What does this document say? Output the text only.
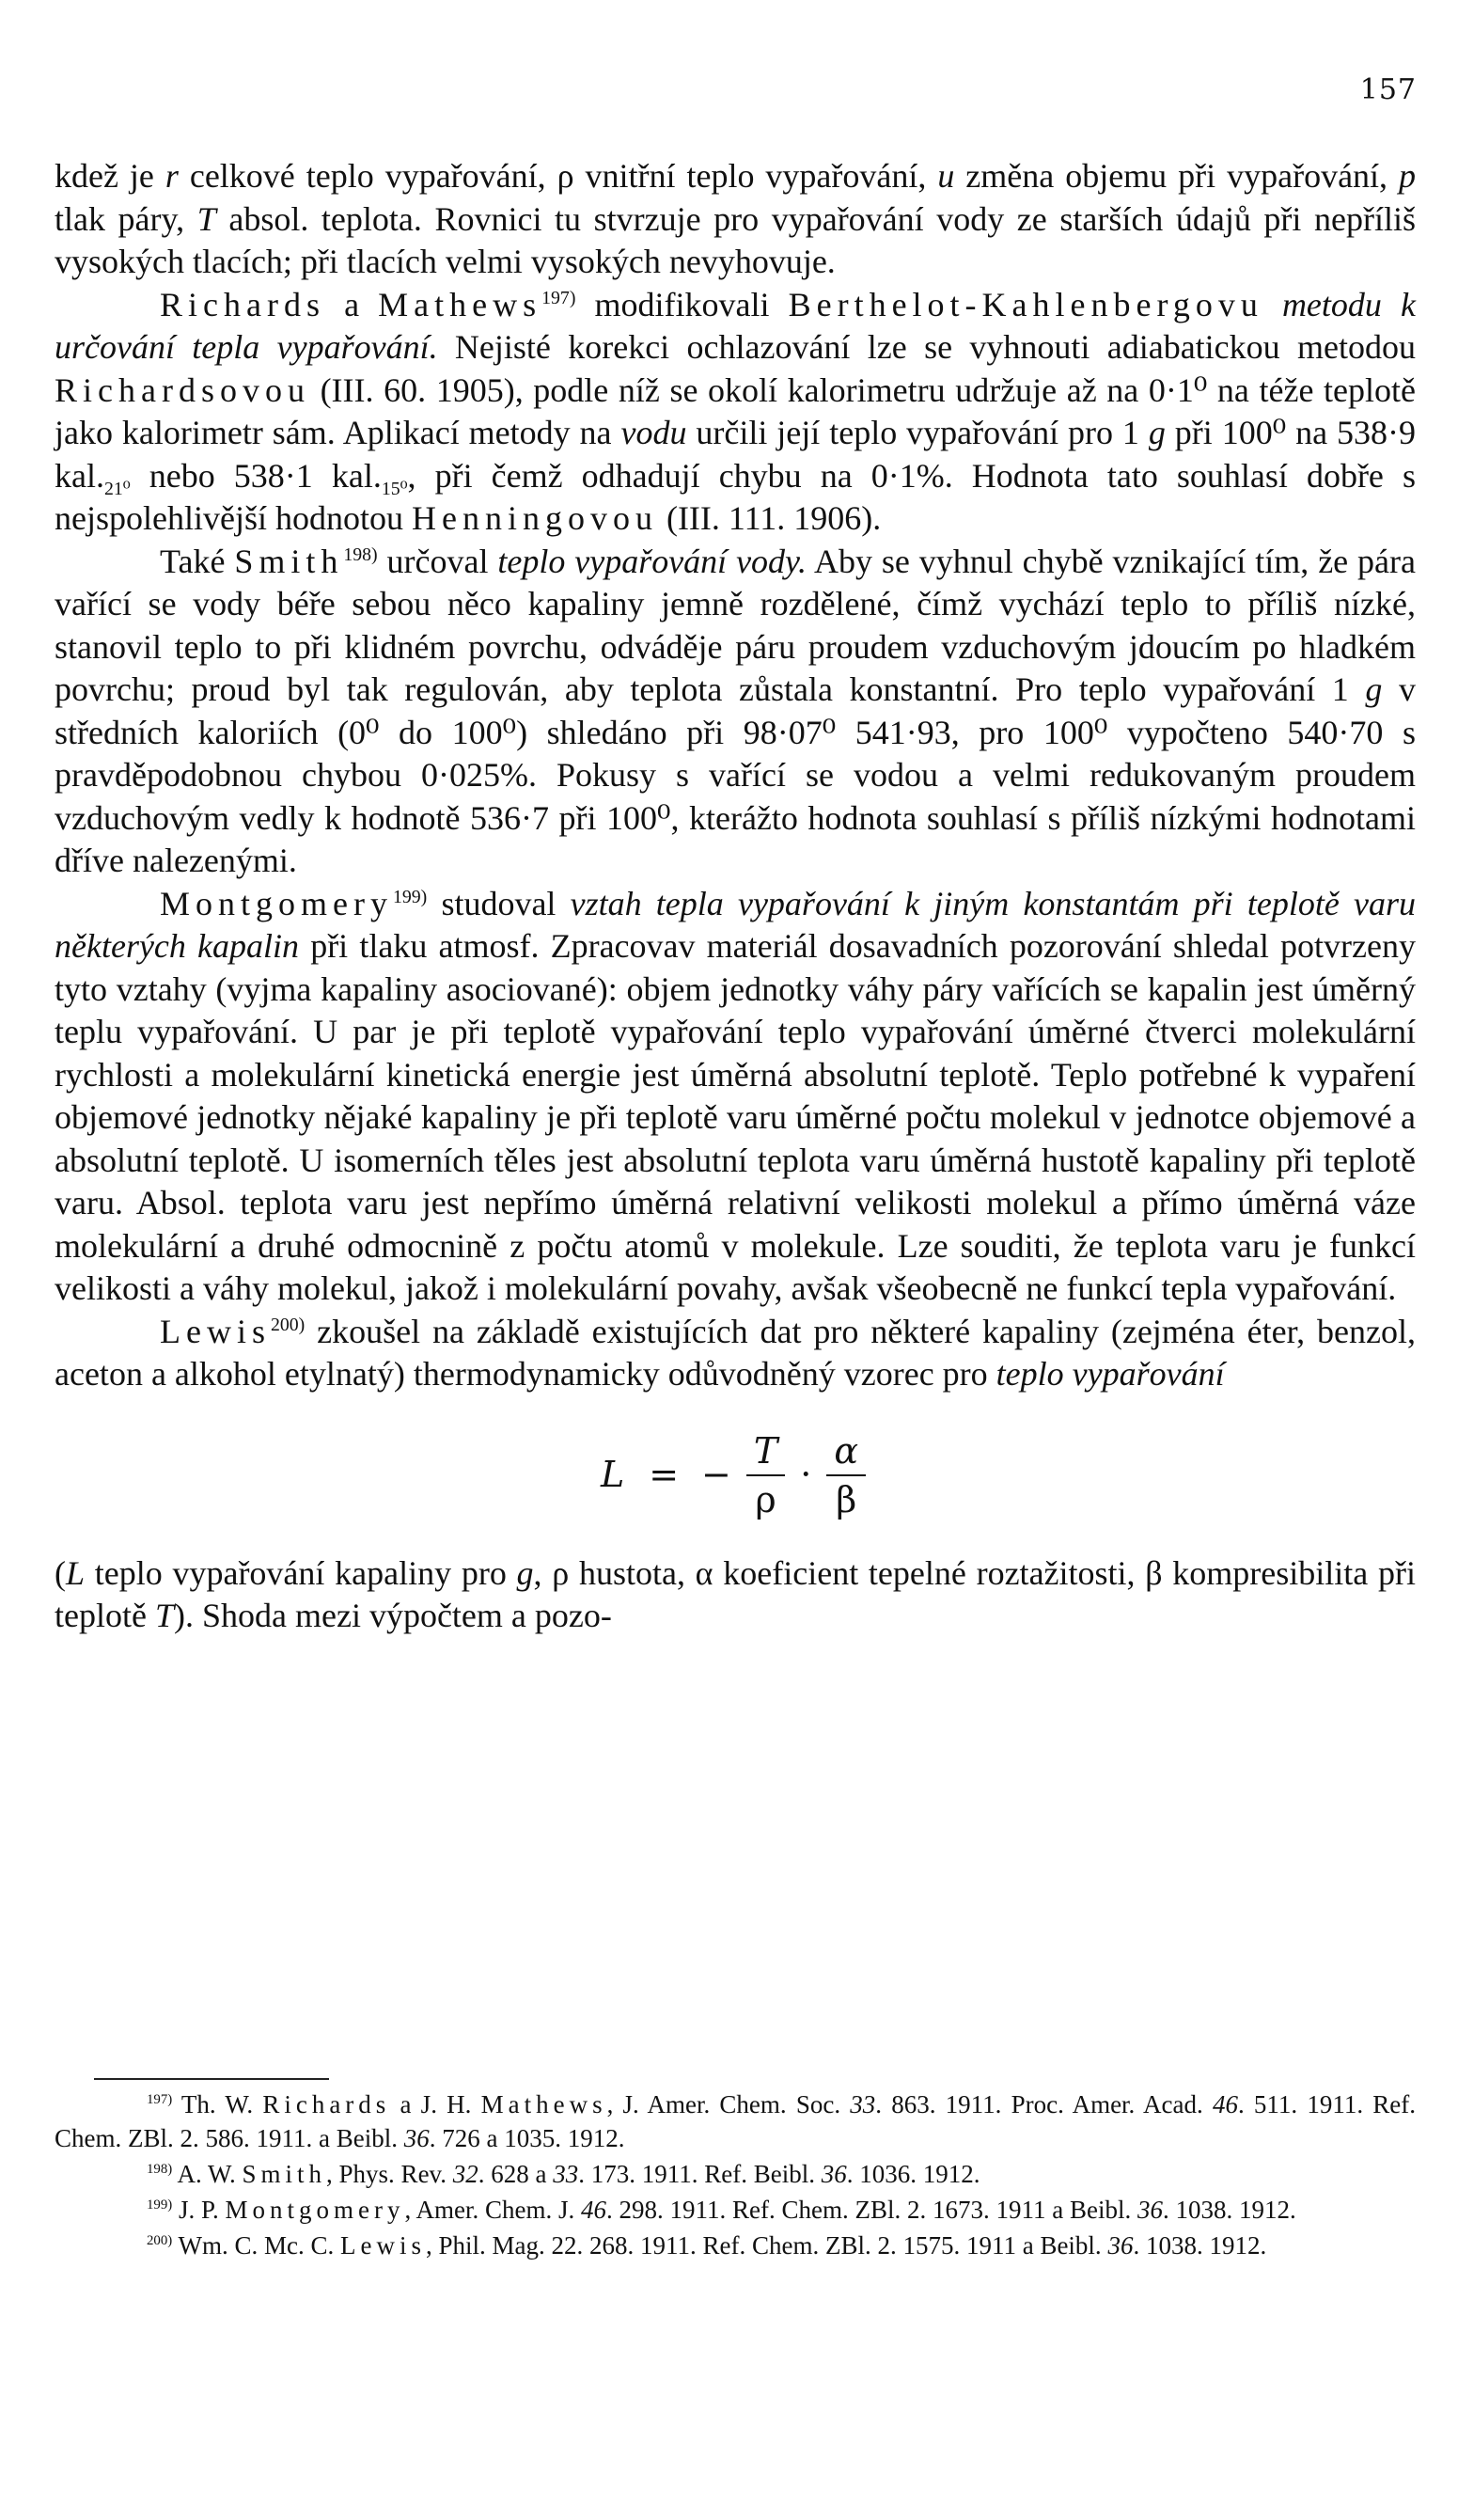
157

kdež je r celkové teplo vypařování, ρ vnitřní teplo vypařování, u změna objemu při vypařování, p tlak páry, T absol. teplota. Rovnici tu stvrzuje pro vypařování vody ze starších údajů při nepříliš vysokých tlacích; při tlacích velmi vysokých nevyhovuje.

Richards a Mathews$^{197)}$ modifikovali Berthelot-Kahlenbergovu metodu k určování tepla vypařování. Nejisté korekci ochlazování lze se vyhnouti adiabatickou metodou Richardsovou (III. 60. 1905), podle níž se okolí kalorimetru udržuje až na 0·1⁰ na téže teplotě jako kalorimetr sám. Aplikací metody na vodu určili její teplo vypařování pro 1 g při 100⁰ na 538·9 $kal._{21^0}$ nebo 538·1 $kal._{15^0}$, při čemž odhadují chybu na 0·1%. Hodnota tato souhlasí dobře s nejspolehlivější hodnotou Henningovou (III. 111. 1906).

Také Smith$^{198)}$ určoval teplo vypařování vody. Aby se vyhnul chybě vznikající tím, že pára vařící se vody béře sebou něco kapaliny jemně rozdělené, čímž vychází teplo to příliš nízké, stanovil teplo to při klidném povrchu, odváděje páru proudem vzduchovým jdoucím po hladkém povrchu; proud byl tak regulován, aby teplota zůstala konstantní. Pro teplo vypařování 1 g v středních kaloriích (0⁰ do 100⁰) shledáno při 98·07⁰ 541·93, pro 100⁰ vypočteno 540·70 s pravděpodobnou chybou 0·025%. Pokusy s vařící se vodou a velmi redukovaným proudem vzduchovým vedly k hodnotě 536·7 při 100⁰, kterážto hodnota souhlasí s příliš nízkými hodnotami dříve nalezenými.

Montgomery$^{199)}$ studoval vztah tepla vypařování k jiným konstantám při teplotě varu některých kapalin při tlaku atmosf. Zpracovav materiál dosavadních pozorování shledal potvrzeny tyto vztahy (vyjma kapaliny asociované): objem jednotky váhy páry vařících se kapalin jest úměrný teplu vypařování. U par je při teplotě vypařování teplo vypařování úměrné čtverci molekulární rychlosti a molekulární kinetická energie jest úměrná absolutní teplotě. Teplo potřebné k vypaření objemové jednotky nějaké kapaliny je při teplotě varu úměrné počtu molekul v jednotce objemové a absolutní teplotě. U isomerních těles jest absolutní teplota varu úměrná hustotě kapaliny při teplotě varu. Absol. teplota varu jest nepřímo úměrná relativní velikosti molekul a přímo úměrná váze molekulární a druhé odmocnině z počtu atomů v molekule. Lze souditi, že teplota varu je funkcí velikosti a váhy molekul, jakož i molekulární povahy, avšak všeobecně ne funkcí tepla vypařování.

Lewis$^{200)}$ zkoušel na základě existujících dat pro některé kapaliny (zejména éter, benzol, aceton a alkohol etylnatý) thermodynamicky odůvodněný vzorec pro teplo vypařování

L = − $\frac{T}{\rho} \cdot \frac{\alpha}{\beta}$

(L teplo vypařování kapaliny pro g, ρ hustota, α koeficient tepelné roztažitosti, β kompresibilita při teplotě T). Shoda mezi výpočtem a pozo-

$^{197)}$ Th. W. Richards a J. H. Mathews, J. Amer. Chem. Soc. 33. 863. 1911. Proc. Amer. Acad. 46. 511. 1911. Ref. Chem. ZBl. 2. 586. 1911. a Beibl. 36. 726 a 1035. 1912.

$^{198)}$ A. W. Smith, Phys. Rev. 32. 628 a 33. 173. 1911. Ref. Beibl. 36. 1036. 1912.

$^{199)}$ J. P. Montgomery, Amer. Chem. J. 46. 298. 1911. Ref. Chem. ZBl. 2. 1673. 1911 a Beibl. 36. 1038. 1912.

$^{200)}$ Wm. C. Mc. C. Lewis, Phil. Mag. 22. 268. 1911. Ref. Chem. ZBl. 2. 1575. 1911 a Beibl. 36. 1038. 1912.
